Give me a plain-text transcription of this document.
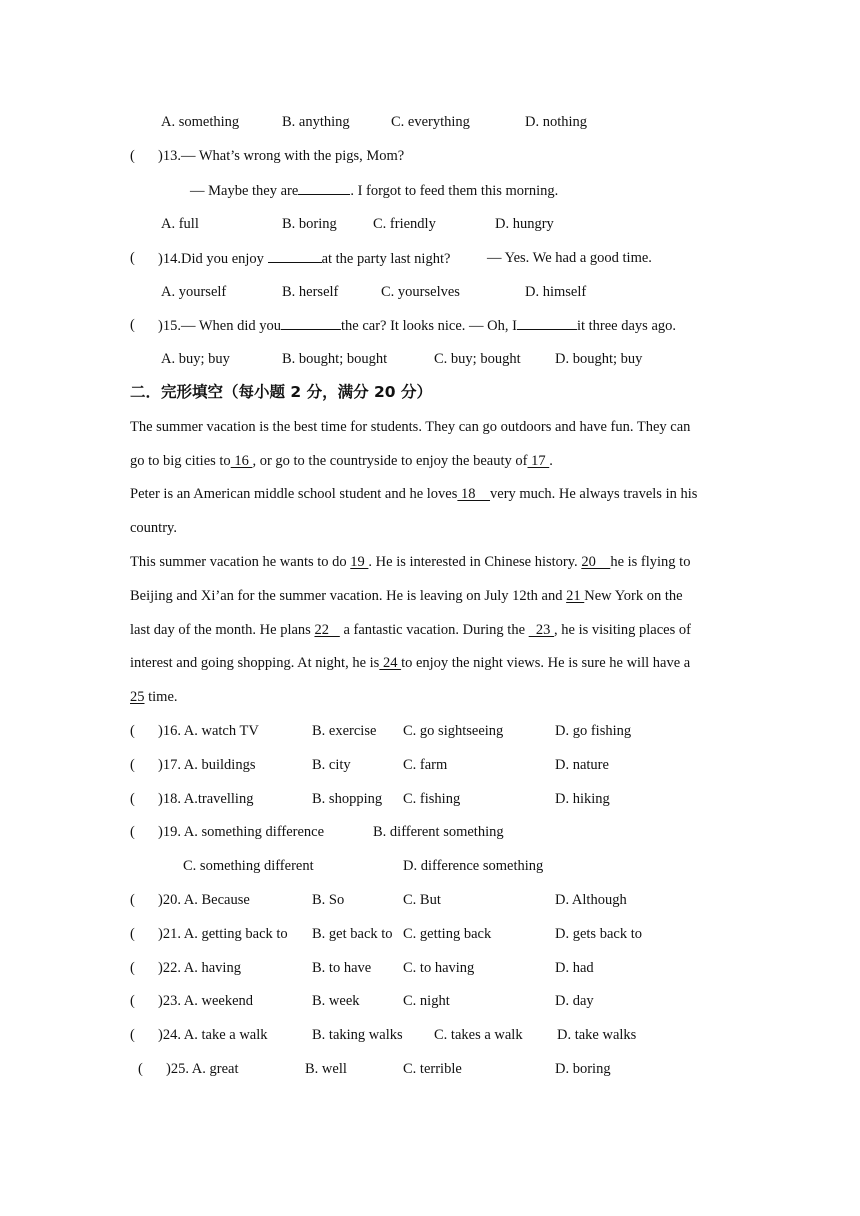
A. something	B. anything	C. everything	D. nothing
( )13.— What’s wrong with the pigs, Mom?
— Maybe they are	. I forgot to feed them this morning.
A. full	B. boring C. friendly	D. hungry
( )14.Did you enjoy	at the party last night?	— Yes. We had a good time.
A. yourself	B. herself	C. yourselves	D. himself
( )15.— When did you	the car? It looks nice. — Oh, I	it three days ago.
A. buy; buy	B. bought; bought	C. buy; bought D. bought; buy
二．完形填空（每小题 2 分，满分 20 分）
The summer vacation is the best time for students. They can go outdoors and have fun. They can
go to big cities to 16 , or go to the countryside to enjoy the beauty of 17 .
Peter is an American middle school student and he loves 18    very much. He always travels in his
country.
This summer vacation he wants to do 19 . He is interested in Chinese history. 20    he is flying to
Beijing and Xi’an for the summer vacation. He is leaving on July 12th and 21 New York on the
last day of the month. He plans 22    a fantastic vacation. During the   23 , he is visiting places of
interest and going shopping. At night, he is 24 to enjoy the night views. He is sure he will have a
25 time.
( )16. A. watch TV	B. exercise C. go sightseeing	D. go fishing
( )17. A. buildings	B. city	C. farm	D. nature
( )18. A.travelling	B. shopping C. fishing	D. hiking
( )19. A. something difference	B. different something
C. something different	D. difference something
( )20. A. Because	B. So	C. But	D. Although
( )21. A. getting back to B. get back to C. getting back	D. gets back to
( )22. A. having	B. to have C. to having	D. had
( )23. A. weekend	B. week	C. night	D. day
( )24. A. take a walk	B. taking walks C. takes a walk D. take walks
( )25. A. great	B. well	C. terrible	D. boring
